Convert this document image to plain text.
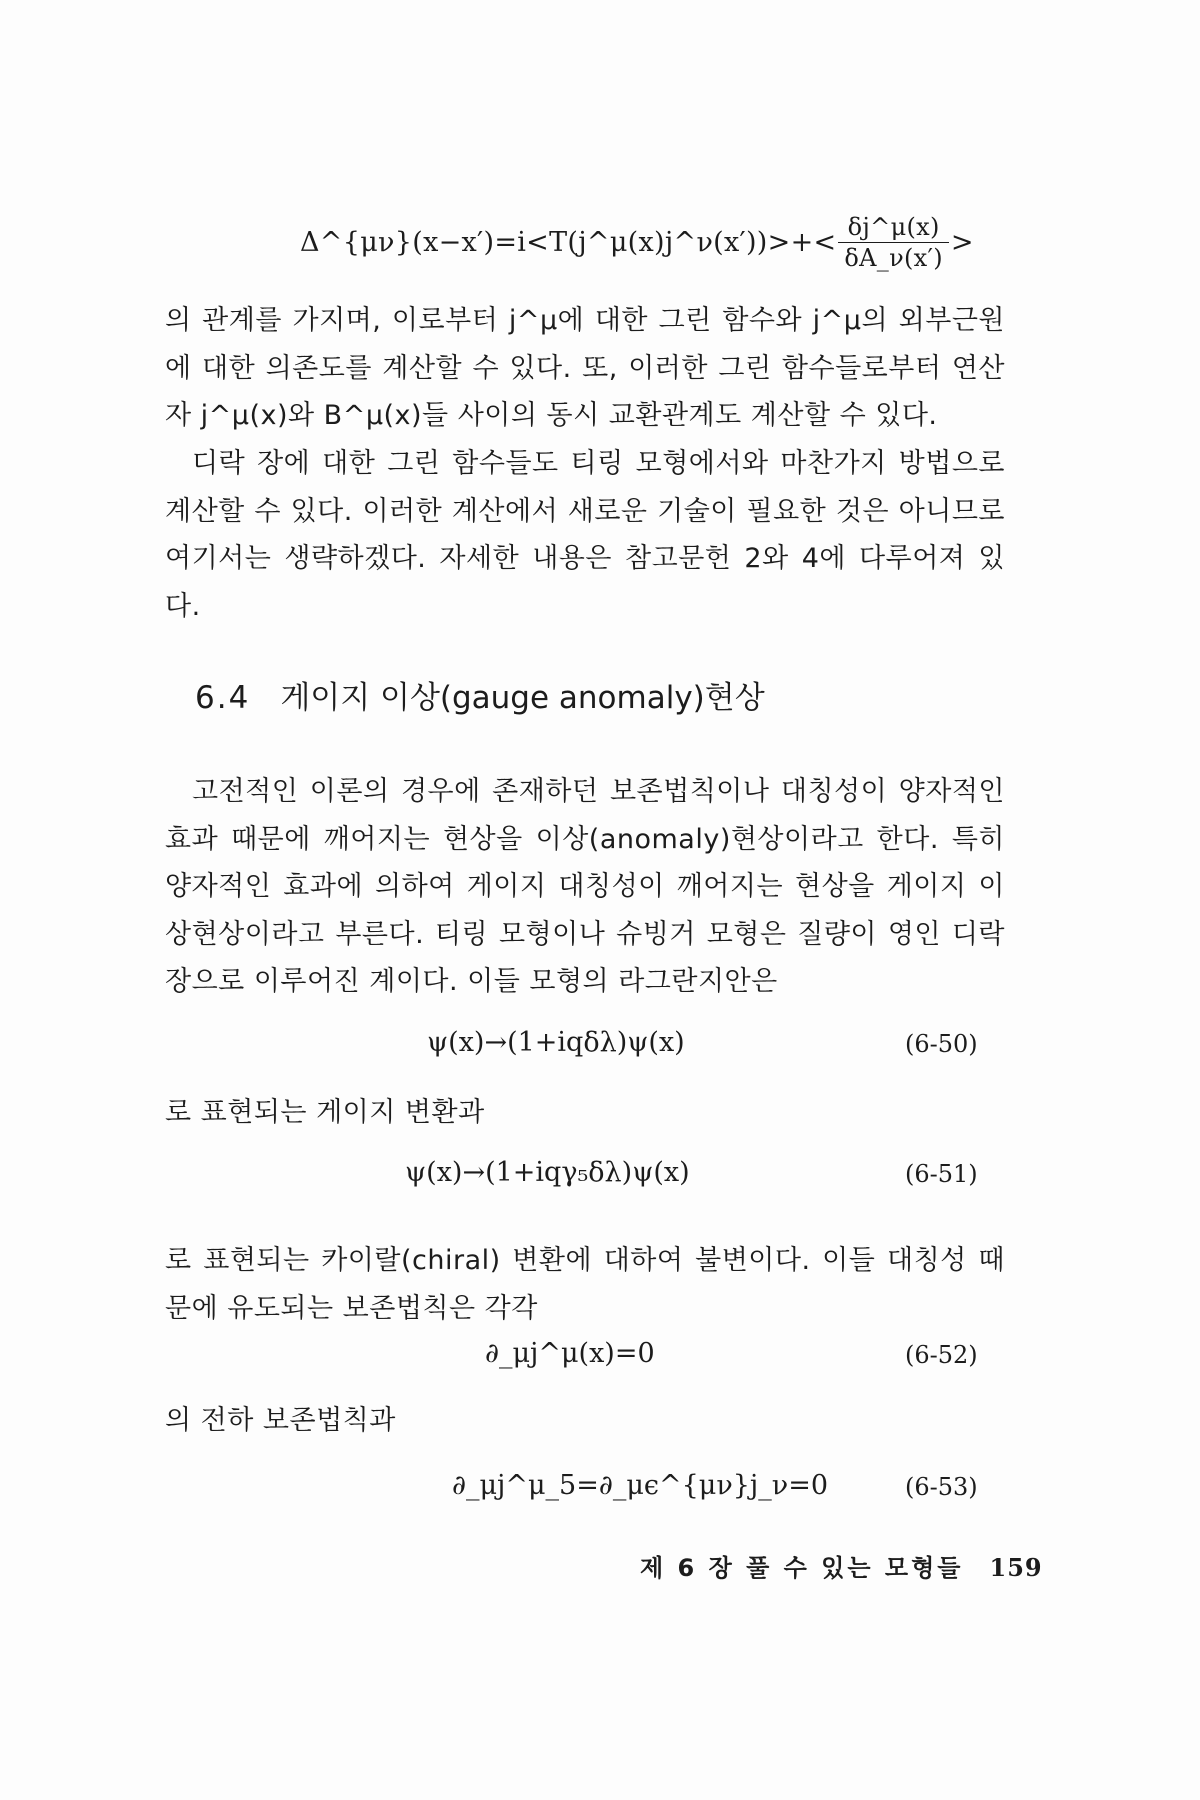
Δ^{μν}(x−x′)=i<T(j^μ(x)j^ν(x′))>+< $\frac{\delta j\^{}\mu(x)}{\delta A\_\nu(x')}$ >

의 관계를 가지며, 이로부터 j^μ에 대한 그린 함수와 j^μ의 외부근원에 대한 의존도를 계산할 수 있다. 또, 이러한 그린 함수들로부터 연산자 j^μ(x)와 B^μ(x)들 사이의 동시 교환관계도 계산할 수 있다.

디락 장에 대한 그린 함수들도 티링 모형에서와 마찬가지 방법으로 계산할 수 있다. 이러한 계산에서 새로운 기술이 필요한 것은 아니므로 여기서는 생략하겠다. 자세한 내용은 참고문헌 2와 4에 다루어져 있다.

6.4 게이지 이상(gauge anomaly)현상

고전적인 이론의 경우에 존재하던 보존법칙이나 대칭성이 양자적인 효과 때문에 깨어지는 현상을 이상(anomaly)현상이라고 한다. 특히 양자적인 효과에 의하여 게이지 대칭성이 깨어지는 현상을 게이지 이상현상이라고 부른다. 티링 모형이나 슈빙거 모형은 질량이 영인 디락 장으로 이루어진 계이다. 이들 모형의 라그란지안은

ψ(x)→(1+iqδλ)ψ(x)	(6-50)
로 표현되는 게이지 변환과
ψ(x)→(1+iqγ₅δλ)ψ(x)	(6-51)

로 표현되는 카이랄(chiral) 변환에 대하여 불변이다. 이들 대칭성 때문에 유도되는 보존법칙은 각각

∂_μj^μ(x)=0	(6-52)
의 전하 보존법칙과
∂_μj^μ_5=∂_μϵ^{μν}j_ν=0	(6-53)
제 6 장 풀 수 있는 모형들 159
